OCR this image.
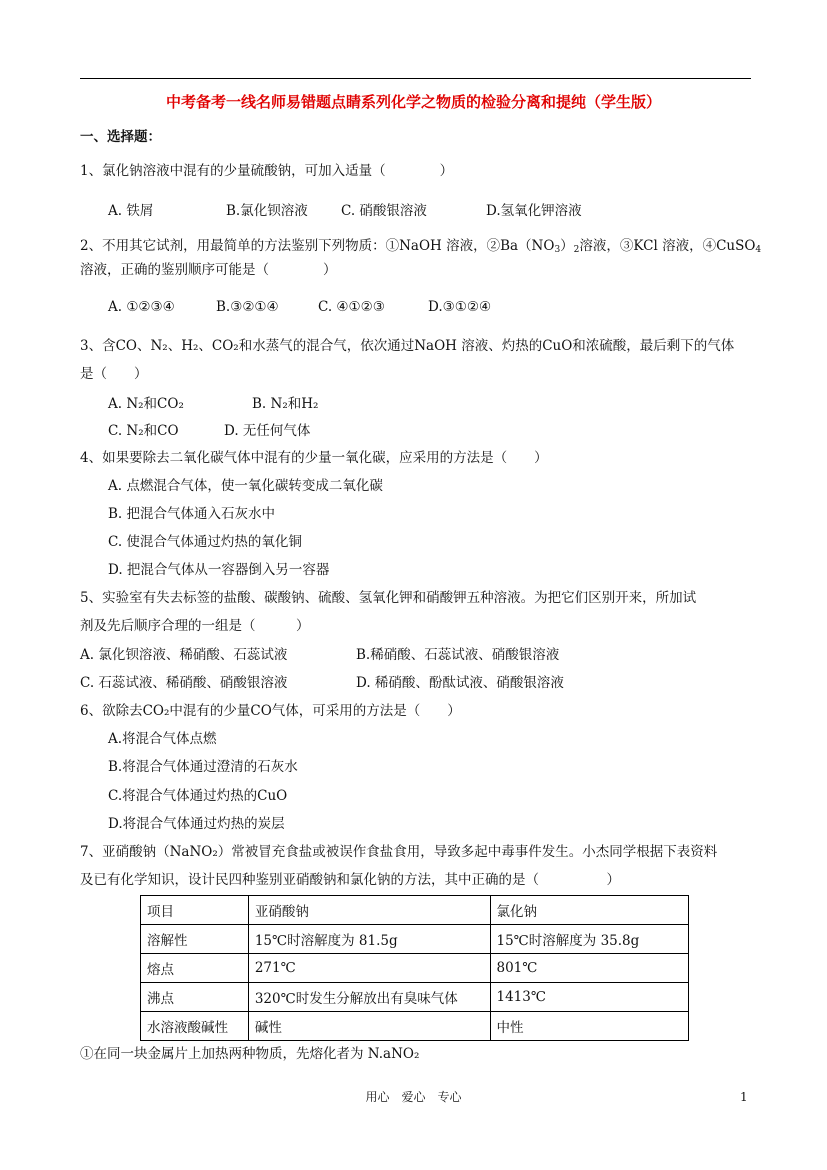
中考备考一线名师易错题点睛系列化学之物质的检验分离和提纯（学生版）
一、选择题：
1、氯化钠溶液中混有的少量硫酸钠，可加入适量（　　　　）
A. 铁屑	B.氯化钡溶液 C. 硝酸银溶液	D.氢氧化钾溶液
2、不用其它试剂，用最简单的方法鉴别下列物质：①NaOH 溶液，$②Ba(NO_3)_2$溶液，③KCl 溶液，④CuSO$_4$
溶液，正确的鉴别顺序可能是（　　　　）
A. ①②③④	B.③②①④	C. ④①②③	D.③①②④
3、含CO、N₂、H₂、CO₂和水蒸气的混合气，依次通过NaOH 溶液、灼热的CuO和浓硫酸，最后剩下的气体
是（　　）
A. N₂和CO₂	B. N₂和H₂
C. N₂和CO	D. 无任何气体
4、如果要除去二氧化碳气体中混有的少量一氧化碳，应采用的方法是（　　）
A. 点燃混合气体，使一氧化碳转变成二氧化碳
B. 把混合气体通入石灰水中
C. 使混合气体通过灼热的氧化铜
D. 把混合气体从一容器倒入另一容器
5、实验室有失去标签的盐酸、碳酸钠、硫酸、氢氧化钾和硝酸钾五种溶液。为把它们区别开来，所加试
剂及先后顺序合理的一组是（　　　）
A. 氯化钡溶液、稀硝酸、石蕊试液	B.稀硝酸、石蕊试液、硝酸银溶液
C. 石蕊试液、稀硝酸、硝酸银溶液	D. 稀硝酸、酚酞试液、硝酸银溶液
6、欲除去CO₂中混有的少量CO气体，可采用的方法是（　　）
A.将混合气体点燃
B.将混合气体通过澄清的石灰水
C.将混合气体通过灼热的CuO
D.将混合气体通过灼热的炭层
7、亚硝酸钠（NaNO₂）常被冒充食盐或被误作食盐食用，导致多起中毒事件发生。小杰同学根据下表资料
及已有化学知识，设计民四种鉴别亚硝酸钠和氯化钠的方法，其中正确的是（　　　　　）
项目	亚硝酸钠	氯化钠
溶解性	15℃时溶解度为 81.5g	15℃时溶解度为 35.8g
熔点	271℃	801℃
沸点	320℃时发生分解放出有臭味气体	1413℃
水溶液酸碱性	碱性	中性
①在同一块金属片上加热两种物质，先熔化者为 N.aNO₂
用心　爱心　专心	1
